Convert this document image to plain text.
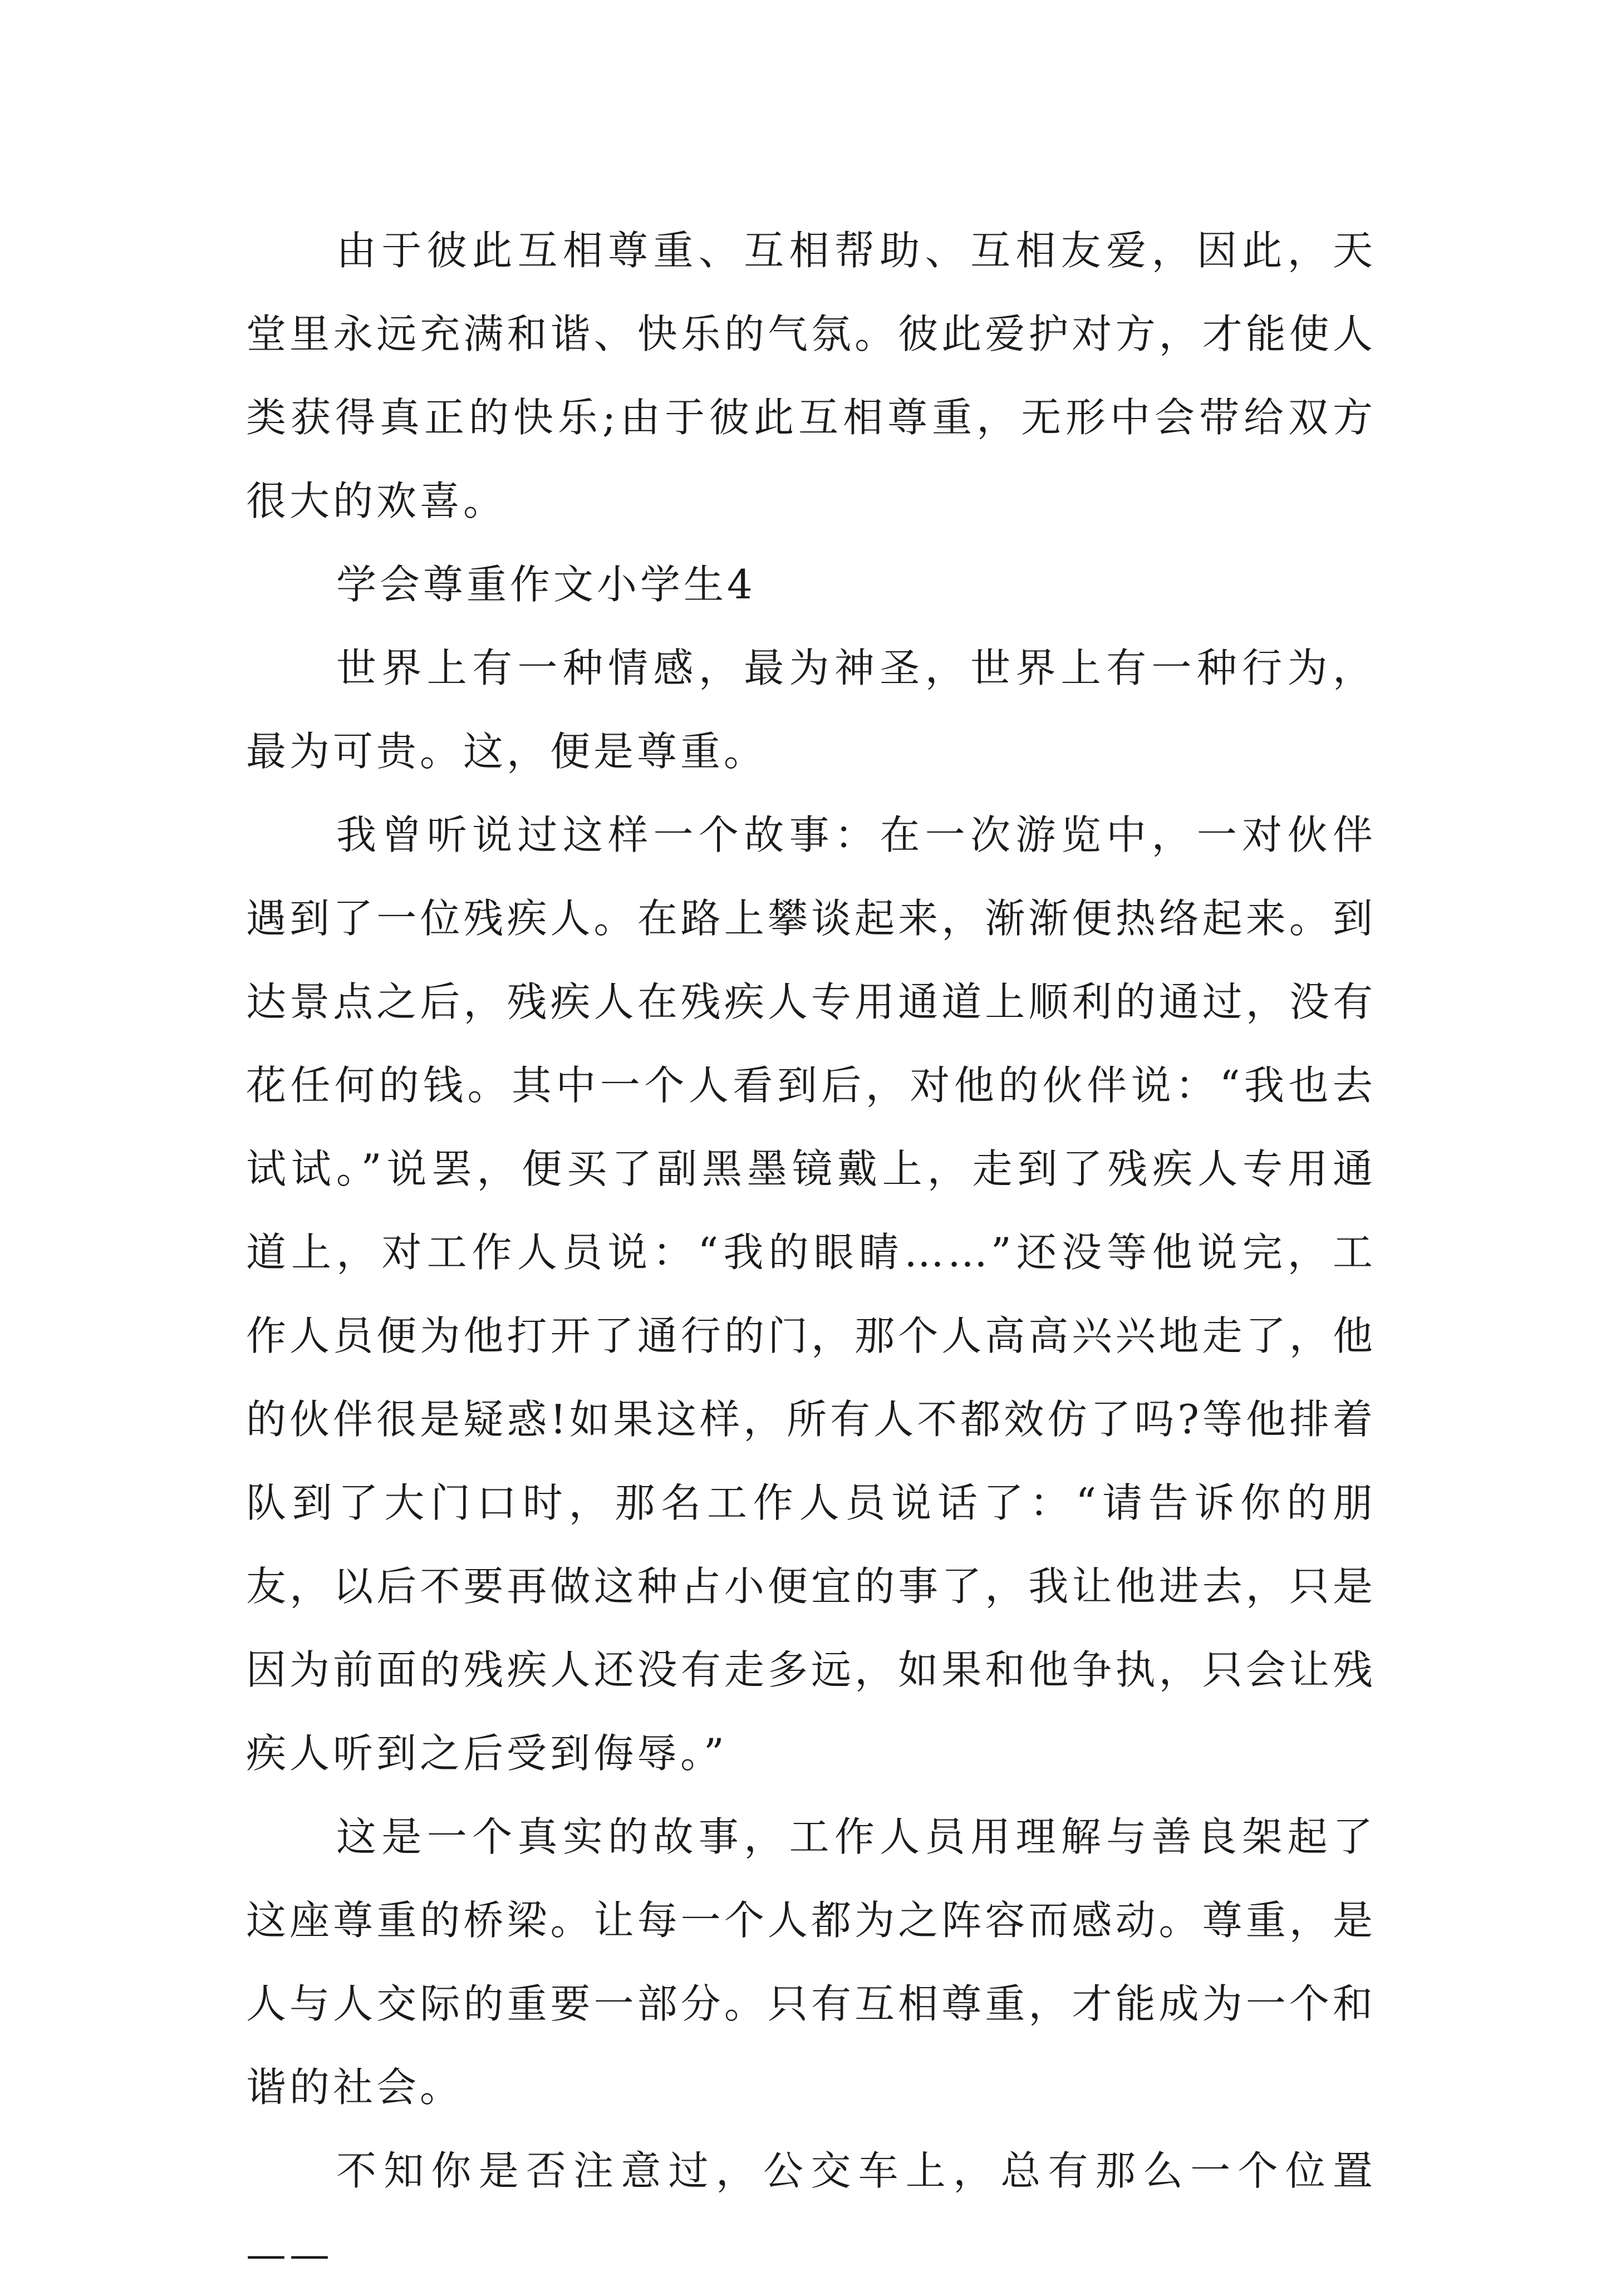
由于彼此互相尊重、互相帮助、互相友爱，因此，天堂里永远充满和谐、快乐的气氛。彼此爱护对方，才能使人类获得真正的快乐;由于彼此互相尊重，无形中会带给双方很大的欢喜。

学会尊重作文小学生4

世界上有一种情感，最为神圣，世界上有一种行为，最为可贵。这，便是尊重。

我曾听说过这样一个故事：在一次游览中，一对伙伴遇到了一位残疾人。在路上攀谈起来，渐渐便热络起来。到达景点之后，残疾人在残疾人专用通道上顺利的通过，没有花任何的钱。其中一个人看到后，对他的伙伴说：“我也去试试。”说罢，便买了副黑墨镜戴上，走到了残疾人专用通道上，对工作人员说：“我的眼睛……”还没等他说完，工作人员便为他打开了通行的门，那个人高高兴兴地走了，他的伙伴很是疑惑!如果这样，所有人不都效仿了吗?等他排着队到了大门口时，那名工作人员说话了：“请告诉你的朋友，以后不要再做这种占小便宜的事了，我让他进去，只是因为前面的残疾人还没有走多远，如果和他争执，只会让残疾人听到之后受到侮辱。”

这是一个真实的故事，工作人员用理解与善良架起了这座尊重的桥梁。让每一个人都为之阵容而感动。尊重，是人与人交际的重要一部分。只有互相尊重，才能成为一个和谐的社会。

不知你是否注意过，公交车上，总有那么一个位置——
